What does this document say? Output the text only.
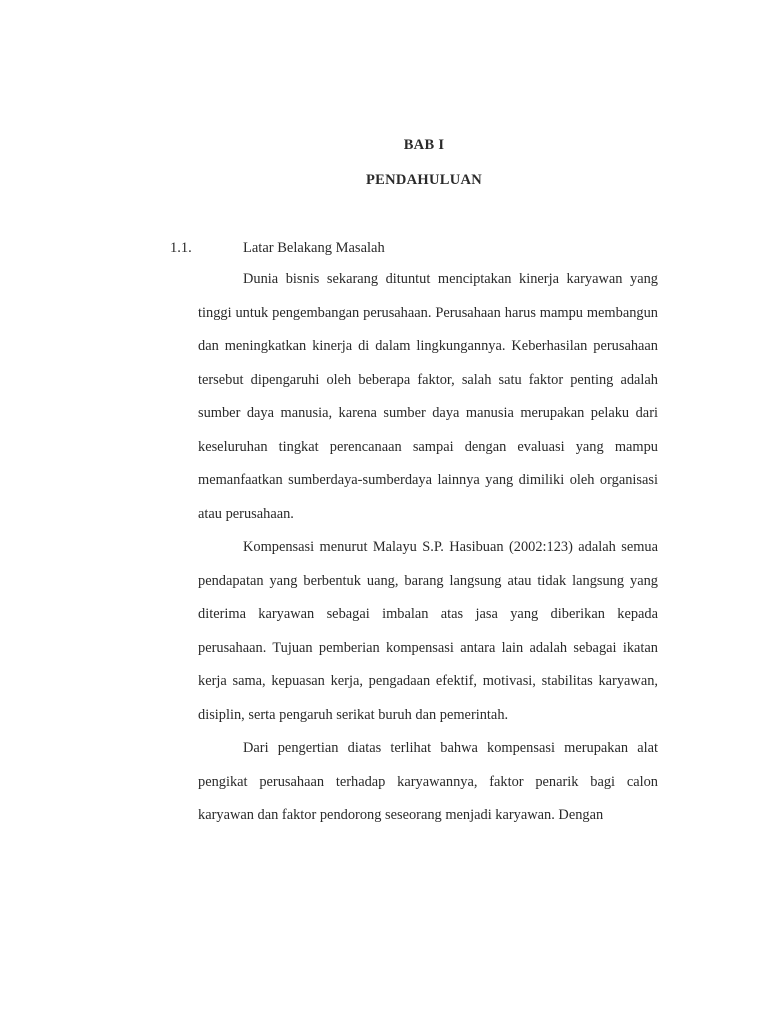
BAB I
PENDAHULUAN
1.1.	Latar Belakang Masalah

Dunia bisnis sekarang dituntut menciptakan kinerja karyawan yang tinggi untuk pengembangan perusahaan. Perusahaan harus mampu membangun dan meningkatkan kinerja di dalam lingkungannya. Keberhasilan perusahaan tersebut dipengaruhi oleh beberapa faktor, salah satu faktor penting adalah sumber daya manusia, karena sumber daya manusia merupakan pelaku dari keseluruhan tingkat perencanaan sampai dengan evaluasi yang mampu memanfaatkan sumberdaya-sumberdaya lainnya yang dimiliki oleh organisasi atau perusahaan.

Kompensasi menurut Malayu S.P. Hasibuan (2002:123) adalah semua pendapatan yang berbentuk uang, barang langsung atau tidak langsung yang diterima karyawan sebagai imbalan atas jasa yang diberikan kepada perusahaan. Tujuan pemberian kompensasi antara lain adalah sebagai ikatan kerja sama, kepuasan kerja, pengadaan efektif, motivasi, stabilitas karyawan, disiplin, serta pengaruh serikat buruh dan pemerintah.

Dari pengertian diatas terlihat bahwa kompensasi merupakan alat pengikat perusahaan terhadap karyawannya, faktor penarik bagi calon karyawan dan faktor pendorong seseorang menjadi karyawan. Dengan
